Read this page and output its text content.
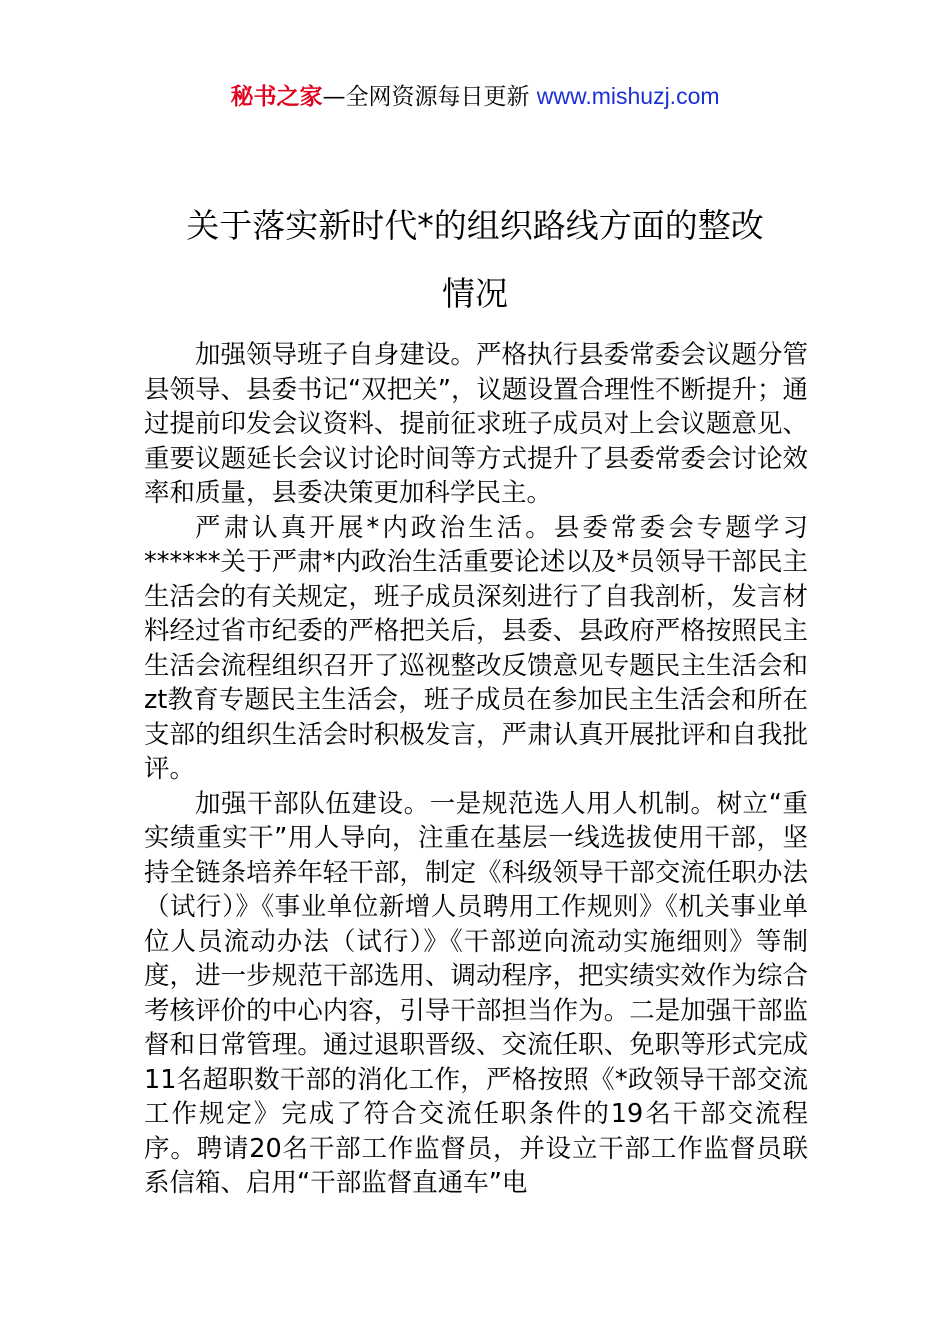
秘书之家—全网资源每日更新 www.mishuzj.com
关于落实新时代*的组织路线方面的整改
情况

加强领导班子自身建设。严格执行县委常委会议题分管县领导、县委书记“双把关”，议题设置合理性不断提升；通过提前印发会议资料、提前征求班子成员对上会议题意见、重要议题延长会议讨论时间等方式提升了县委常委会讨论效率和质量，县委决策更加科学民主。

严肃认真开展*内政治生活。县委常委会专题学习******关于严肃*内政治生活重要论述以及*员领导干部民主生活会的有关规定，班子成员深刻进行了自我剖析，发言材料经过省市纪委的严格把关后，县委、县政府严格按照民主生活会流程组织召开了巡视整改反馈意见专题民主生活会和zt教育专题民主生活会，班子成员在参加民主生活会和所在支部的组织生活会时积极发言，严肃认真开展批评和自我批评。

加强干部队伍建设。一是规范选人用人机制。树立“重实绩重实干”用人导向，注重在基层一线选拔使用干部，坚持全链条培养年轻干部，制定《科级领导干部交流任职办法（试行）》《事业单位新增人员聘用工作规则》《机关事业单位人员流动办法（试行）》《干部逆向流动实施细则》等制度，进一步规范干部选用、调动程序，把实绩实效作为综合考核评价的中心内容，引导干部担当作为。二是加强干部监督和日常管理。通过退职晋级、交流任职、免职等形式完成11名超职数干部的消化工作，严格按照《*政领导干部交流工作规定》完成了符合交流任职条件的19名干部交流程序。聘请20名干部工作监督员，并设立干部工作监督员联系信箱、启用“干部监督直通车”电
